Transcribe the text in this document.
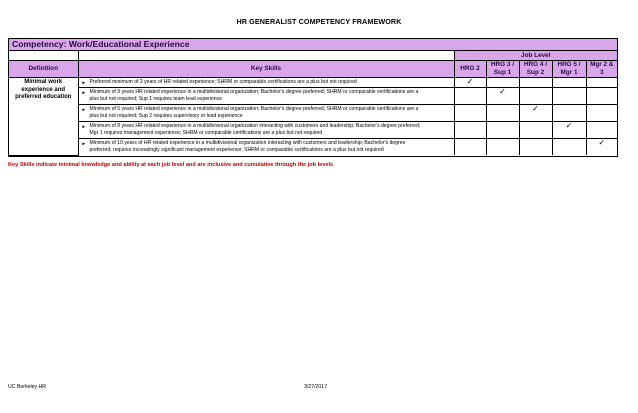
HR GENERALIST COMPETENCY FRAMEWORK
Competency: Work/Educational Experience
		Job Level				
Definition	Key Skills	HRG 2	HRG 3 /
Sup 1	HRG 4 /
Sup 2	HRG 5 /
Mgr 1	Mgr 2 &
3
Minimal work experience and preferred education	► Preferred minimum of 2 years of HR related experience; SHRM or comparable certifications are a plus but not required	✓				

	► Minimum of 3 years HR related experience in a multidivisional organization; Bachelor's degree preferred; SHRM or comparable certifications are a
plus but not required; Sup 1 requires team lead experience		✓			

	► Minimum of 5 years HR related experience in a multidivisional organization; Bachelor's degree preferred; SHRM or comparable certifications are a
plus but not required; Sup 2 requires supervisory or lead experience			✓		

	► Minimum of 8 years HR related experience in a multidivisional organization interacting with customers and leadership; Bachelor's degree preferred;
Mgr 1 requires management experience; SHRM or comparable certifications are a plus but not required				✓	

	► Minimum of 10 years of HR related experience in a multidivisional organization interacting with customers and leadership; Bachelor's degree
preferred; requires increasingly significant management experience; SHRM or comparable certifications are a plus but not required					✓
Key Skills indicate minimal knowledge and ability at each job level and are inclusive and cumulative through the job levels
UC Berkeley HR	3/27/2017
